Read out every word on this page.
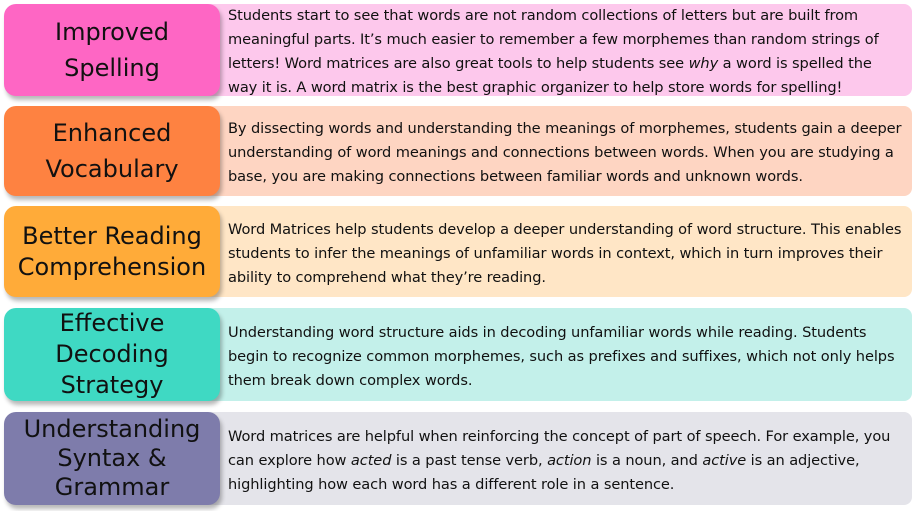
Students start to see that words are not random collections of letters but are built from meaningful parts. It’s much easier to remember a few morphemes than random strings of letters! Word matrices are also great tools to help students see why a word is spelled the way it is. A word matrix is the best graphic organizer to help store words for spelling!

Improved
Spelling

By dissecting words and understanding the meanings of morphemes, students gain a deeper understanding of word meanings and connections between words. When you are studying a base, you are making connections between familiar words and unknown words.

Enhanced
Vocabulary

Word Matrices help students develop a deeper understanding of word structure. This enables students to infer the meanings of unfamiliar words in context, which in turn improves their ability to comprehend what they’re reading.

Better Reading
Comprehension

Understanding word structure aids in decoding unfamiliar words while reading. Students begin to recognize common morphemes, such as prefixes and suffixes, which not only helps them break down complex words.

Effective
Decoding
Strategy

Word matrices are helpful when reinforcing the concept of part of speech. For example, you can explore how acted is a past tense verb, action is a noun, and active is an adjective, highlighting how each word has a different role in a sentence.

Understanding
Syntax &
Grammar
